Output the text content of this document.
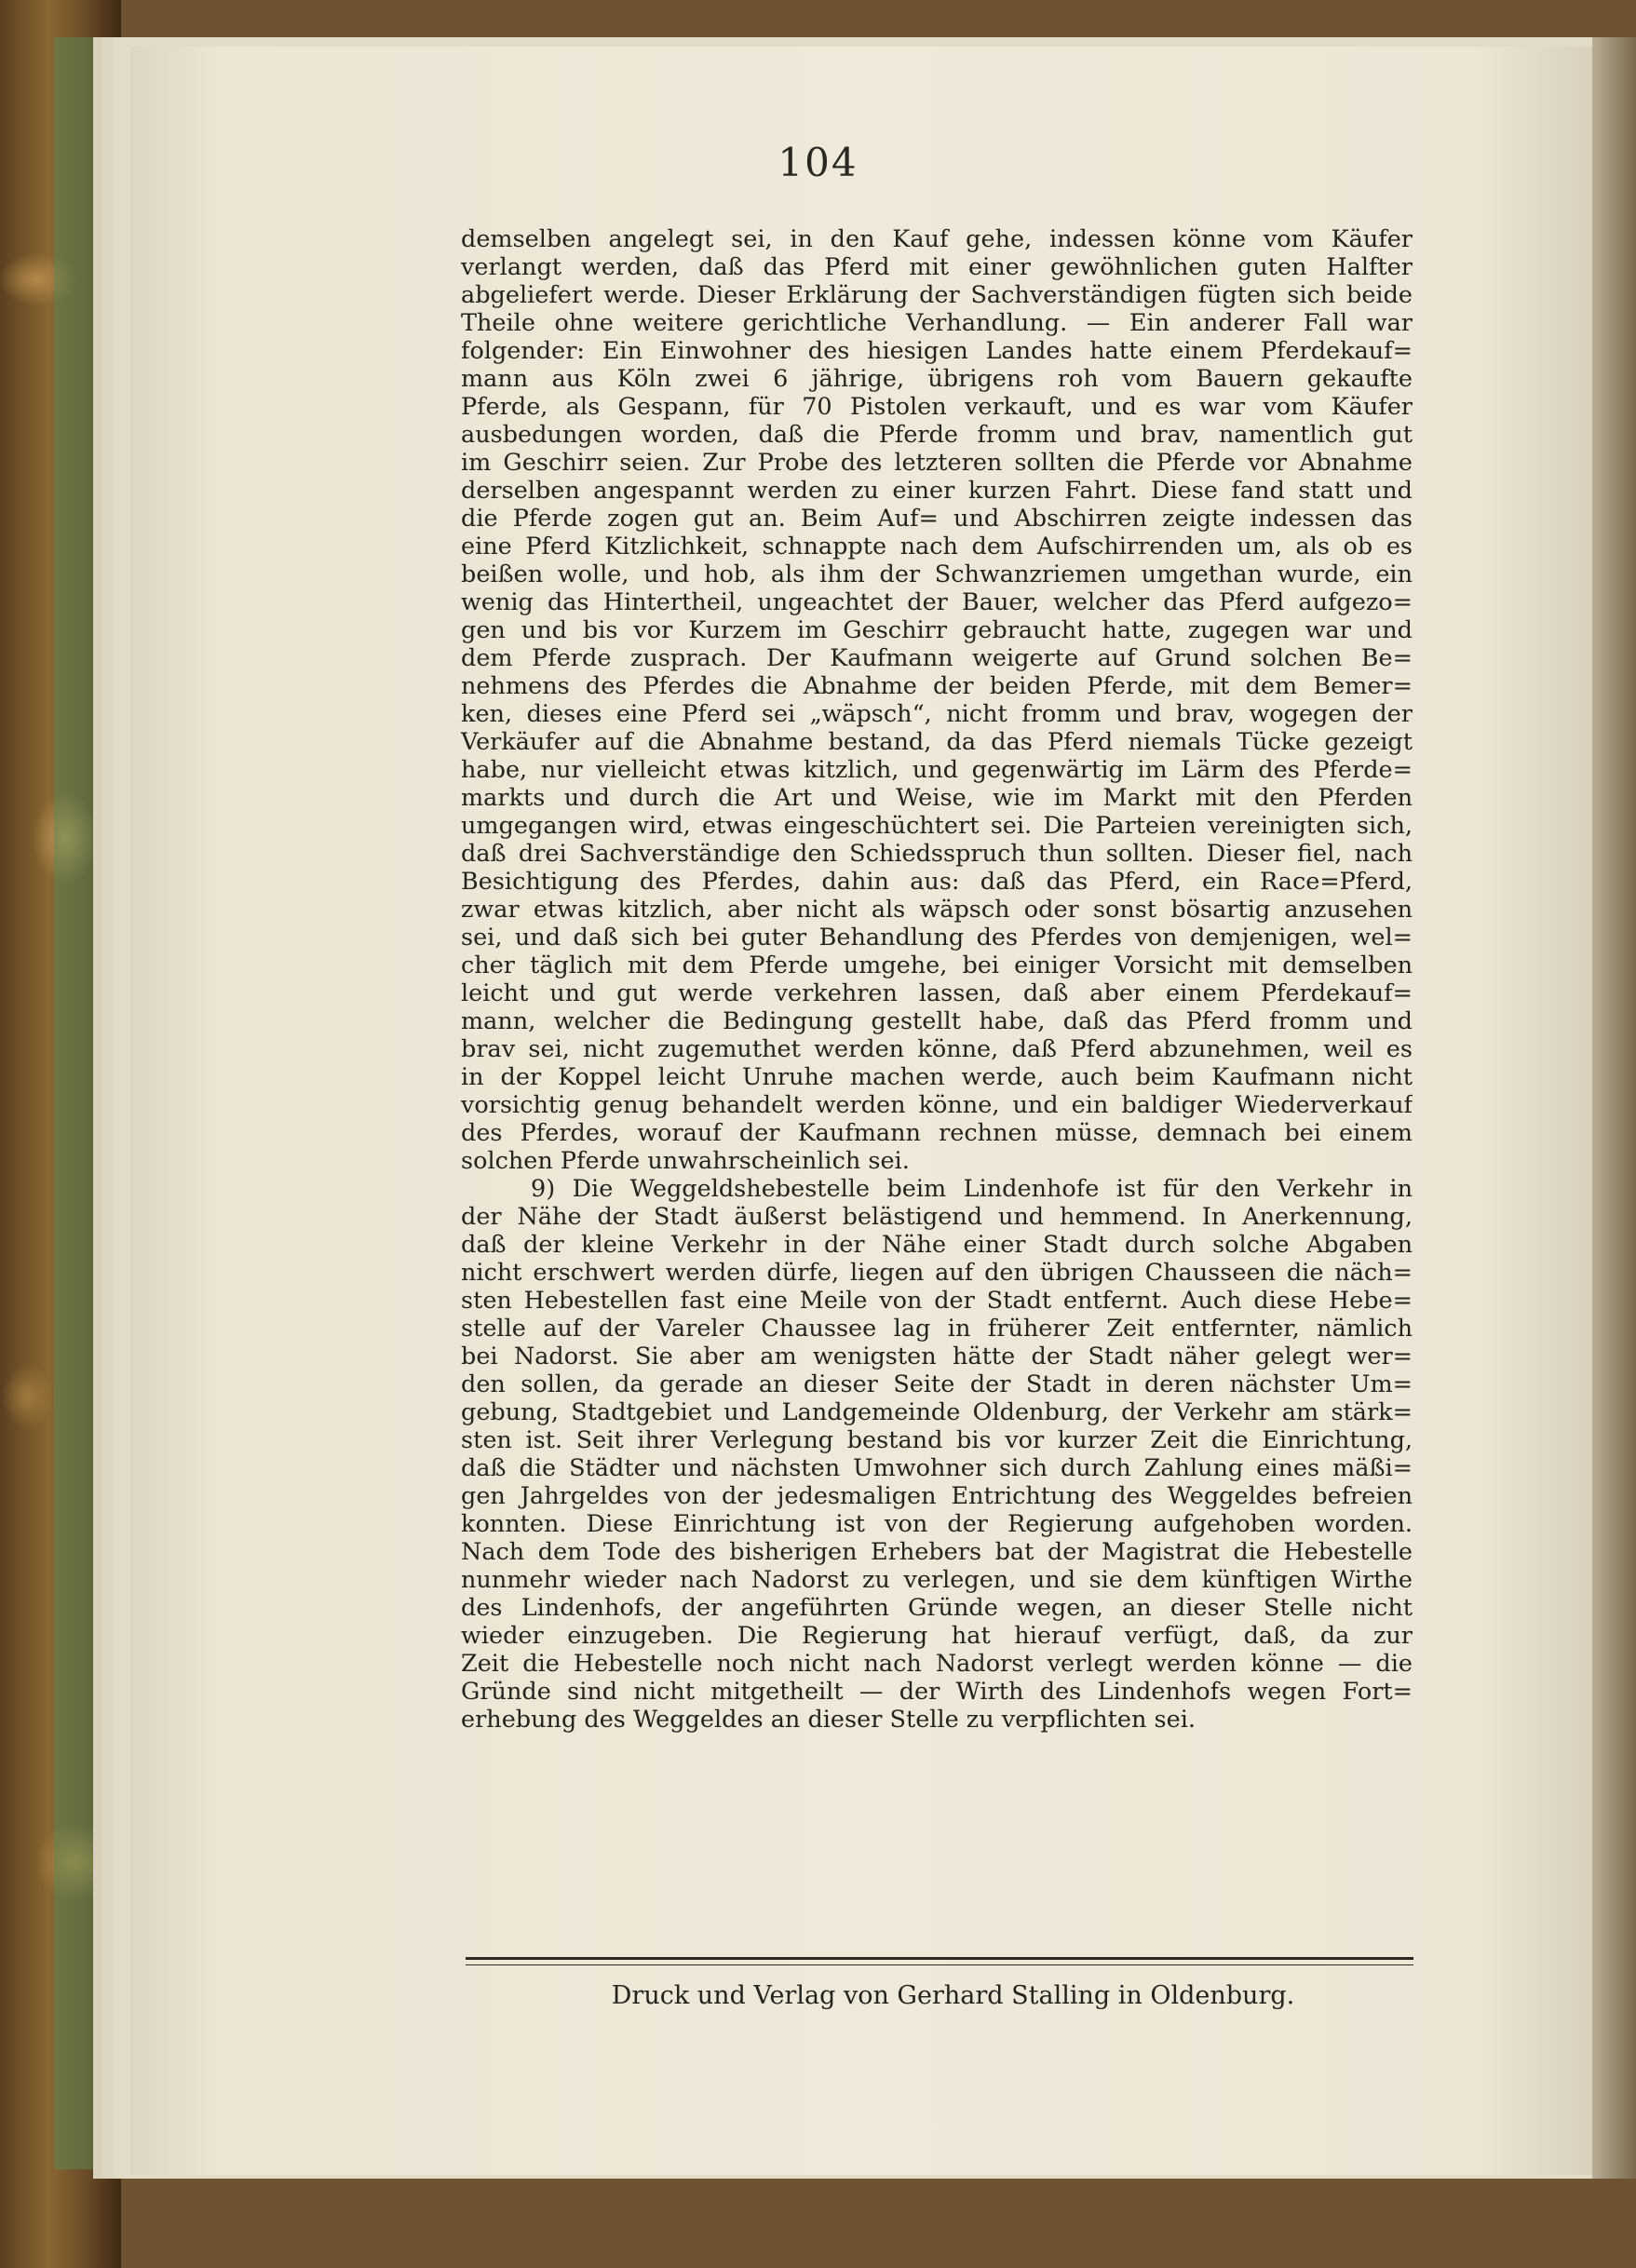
104
demselben angelegt sei, in den Kauf gehe, indessen könne vom Käufer
verlangt werden, daß das Pferd mit einer gewöhnlichen guten Halfter
abgeliefert werde. Dieser Erklärung der Sachverständigen fügten sich beide
Theile ohne weitere gerichtliche Verhandlung. — Ein anderer Fall war
folgender: Ein Einwohner des hiesigen Landes hatte einem Pferdekauf=
mann aus Köln zwei 6 jährige, übrigens roh vom Bauern gekaufte
Pferde, als Gespann, für 70 Pistolen verkauft, und es war vom Käufer
ausbedungen worden, daß die Pferde fromm und brav, namentlich gut
im Geschirr seien. Zur Probe des letzteren sollten die Pferde vor Abnahme
derselben angespannt werden zu einer kurzen Fahrt. Diese fand statt und
die Pferde zogen gut an. Beim Auf= und Abschirren zeigte indessen das
eine Pferd Kitzlichkeit, schnappte nach dem Aufschirrenden um, als ob es
beißen wolle, und hob, als ihm der Schwanzriemen umgethan wurde, ein
wenig das Hintertheil, ungeachtet der Bauer, welcher das Pferd aufgezo=
gen und bis vor Kurzem im Geschirr gebraucht hatte, zugegen war und
dem Pferde zusprach. Der Kaufmann weigerte auf Grund solchen Be=
nehmens des Pferdes die Abnahme der beiden Pferde, mit dem Bemer=
ken, dieses eine Pferd sei „wäpsch“, nicht fromm und brav, wogegen der
Verkäufer auf die Abnahme bestand, da das Pferd niemals Tücke gezeigt
habe, nur vielleicht etwas kitzlich, und gegenwärtig im Lärm des Pferde=
markts und durch die Art und Weise, wie im Markt mit den Pferden
umgegangen wird, etwas eingeschüchtert sei. Die Parteien vereinigten sich,
daß drei Sachverständige den Schiedsspruch thun sollten. Dieser fiel, nach
Besichtigung des Pferdes, dahin aus: daß das Pferd, ein Race=Pferd,
zwar etwas kitzlich, aber nicht als wäpsch oder sonst bösartig anzusehen
sei, und daß sich bei guter Behandlung des Pferdes von demjenigen, wel=
cher täglich mit dem Pferde umgehe, bei einiger Vorsicht mit demselben
leicht und gut werde verkehren lassen, daß aber einem Pferdekauf=
mann, welcher die Bedingung gestellt habe, daß das Pferd fromm und
brav sei, nicht zugemuthet werden könne, daß Pferd abzunehmen, weil es
in der Koppel leicht Unruhe machen werde, auch beim Kaufmann nicht
vorsichtig genug behandelt werden könne, und ein baldiger Wiederverkauf
des Pferdes, worauf der Kaufmann rechnen müsse, demnach bei einem
solchen Pferde unwahrscheinlich sei.
9) Die Weggeldshebestelle beim Lindenhofe ist für den Verkehr in
der Nähe der Stadt äußerst belästigend und hemmend. In Anerkennung,
daß der kleine Verkehr in der Nähe einer Stadt durch solche Abgaben
nicht erschwert werden dürfe, liegen auf den übrigen Chausseen die näch=
sten Hebestellen fast eine Meile von der Stadt entfernt. Auch diese Hebe=
stelle auf der Vareler Chaussee lag in früherer Zeit entfernter, nämlich
bei Nadorst. Sie aber am wenigsten hätte der Stadt näher gelegt wer=
den sollen, da gerade an dieser Seite der Stadt in deren nächster Um=
gebung, Stadtgebiet und Landgemeinde Oldenburg, der Verkehr am stärk=
sten ist. Seit ihrer Verlegung bestand bis vor kurzer Zeit die Einrichtung,
daß die Städter und nächsten Umwohner sich durch Zahlung eines mäßi=
gen Jahrgeldes von der jedesmaligen Entrichtung des Weggeldes befreien
konnten. Diese Einrichtung ist von der Regierung aufgehoben worden.
Nach dem Tode des bisherigen Erhebers bat der Magistrat die Hebestelle
nunmehr wieder nach Nadorst zu verlegen, und sie dem künftigen Wirthe
des Lindenhofs, der angeführten Gründe wegen, an dieser Stelle nicht
wieder einzugeben. Die Regierung hat hierauf verfügt, daß, da zur
Zeit die Hebestelle noch nicht nach Nadorst verlegt werden könne — die
Gründe sind nicht mitgetheilt — der Wirth des Lindenhofs wegen Fort=
erhebung des Weggeldes an dieser Stelle zu verpflichten sei.
Druck und Verlag von Gerhard Stalling in Oldenburg.
